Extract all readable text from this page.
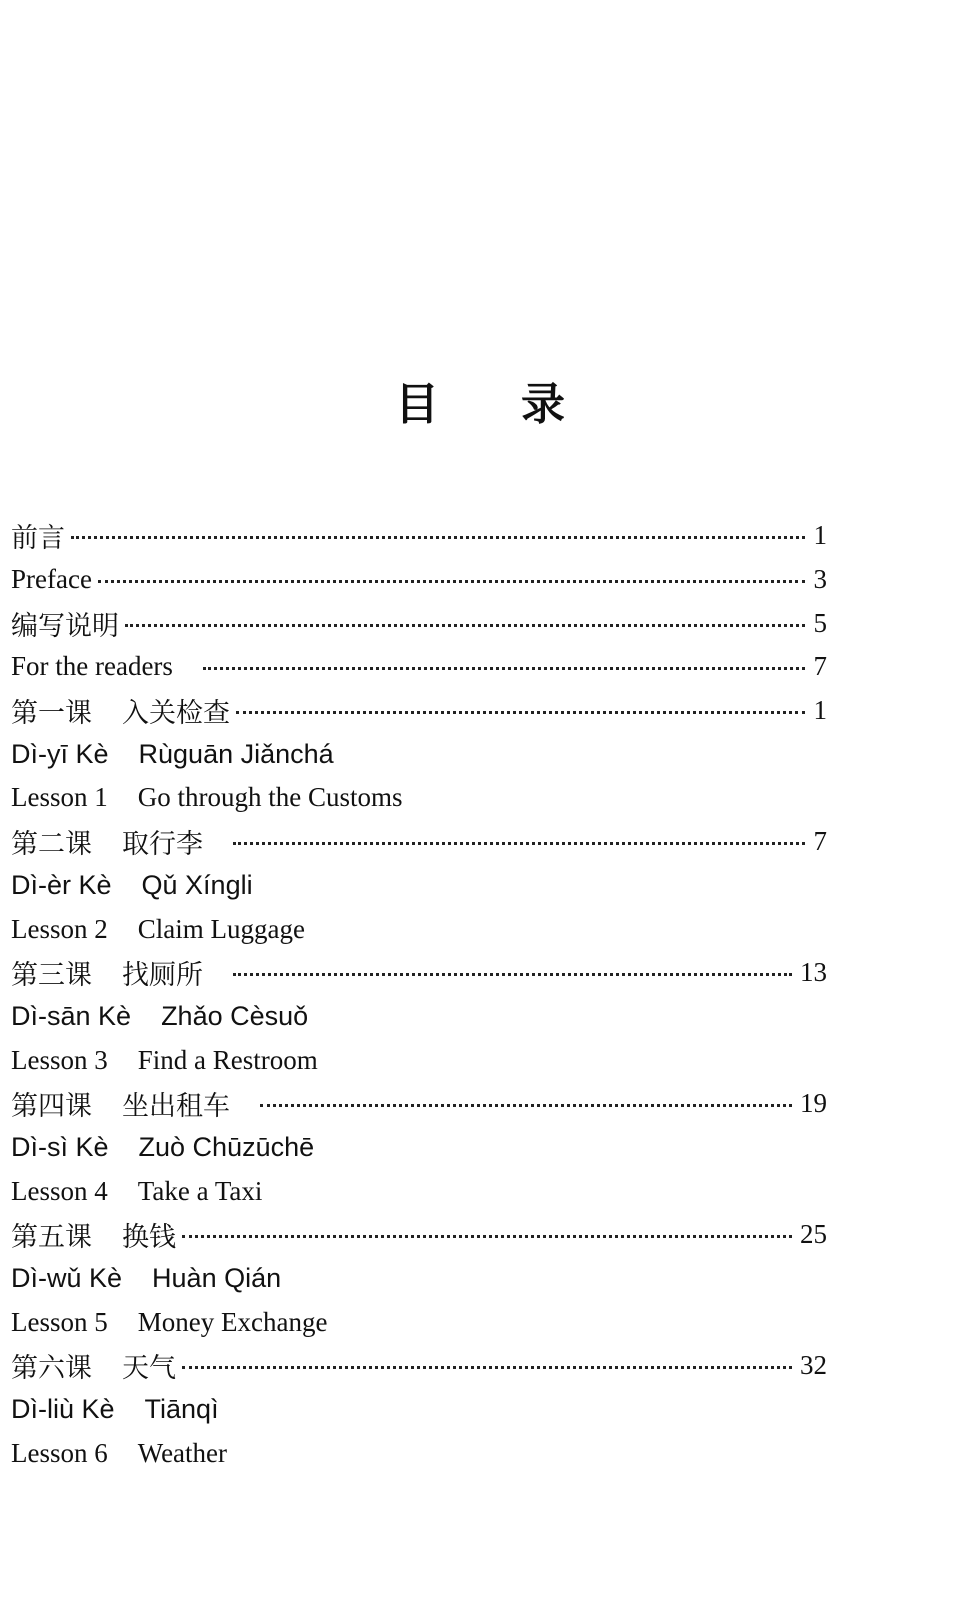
目 录
前言	1
Preface	3
编写说明	5
For the readers	7
第一课 入关检查	1
Dì-yī Kè Rùguān Jiǎnchá
Lesson 1 Go through the Customs
第二课 取行李	7
Dì-èr Kè Qǔ Xíngli
Lesson 2 Claim Luggage
第三课 找厕所	13
Dì-sān Kè Zhǎo Cèsuǒ
Lesson 3 Find a Restroom
第四课 坐出租车	19
Dì-sì Kè Zuò Chūzūchē
Lesson 4 Take a Taxi
第五课 换钱	25
Dì-wǔ Kè Huàn Qián
Lesson 5 Money Exchange
第六课 天气	32
Dì-liù Kè Tiānqì
Lesson 6 Weather
